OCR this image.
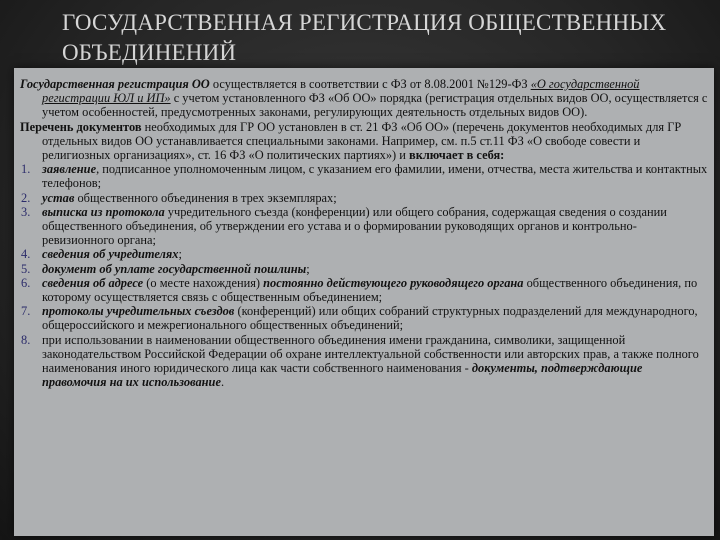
ГОСУДАРСТВЕННАЯ РЕГИСТРАЦИЯ ОБЩЕСТВЕННЫХ ОБЪЕДИНЕНИЙ

Государственная регистрация ОО осуществляется в соответствии с ФЗ от 8.08.2001 №129-ФЗ «О государственной регистрации ЮЛ и ИП» с учетом установленного ФЗ «Об ОО» порядка (регистрация отдельных видов ОО, осуществляется с учетом особенностей, предусмотренных законами, регулирующих деятельность отдельных видов ОО).

Перечень документов необходимых для ГР ОО установлен в ст. 21 ФЗ «Об ОО» (перечень документов необходимых для ГР отдельных видов ОО устанавливается специальными законами. Например, см. п.5 ст.11 ФЗ «О свободе совести и религиозных организациях», ст. 16 ФЗ «О политических партиях») и включает в себя:

1. заявление, подписанное уполномоченным лицом, с указанием его фамилии, имени, отчества, места жительства и контактных телефонов;
2. устав общественного объединения в трех экземплярах;
3. выписка из протокола учредительного съезда (конференции) или общего собрания, содержащая сведения о создании общественного объединения, об утверждении его устава и о формировании руководящих органов и контрольно-ревизионного органа;
4. сведения об учредителях;
5. документ об уплате государственной пошлины;
6. сведения об адресе (о месте нахождения) постоянно действующего руководящего органа общественного объединения, по которому осуществляется связь с общественным объединением;
7. протоколы учредительных съездов (конференций) или общих собраний структурных подразделений для международного, общероссийского и межрегионального общественных объединений;
8. при использовании в наименовании общественного объединения имени гражданина, символики, защищенной законодательством Российской Федерации об охране интеллектуальной собственности или авторских прав, а также полного наименования иного юридического лица как части собственного наименования - документы, подтверждающие правомочия на их использование.
